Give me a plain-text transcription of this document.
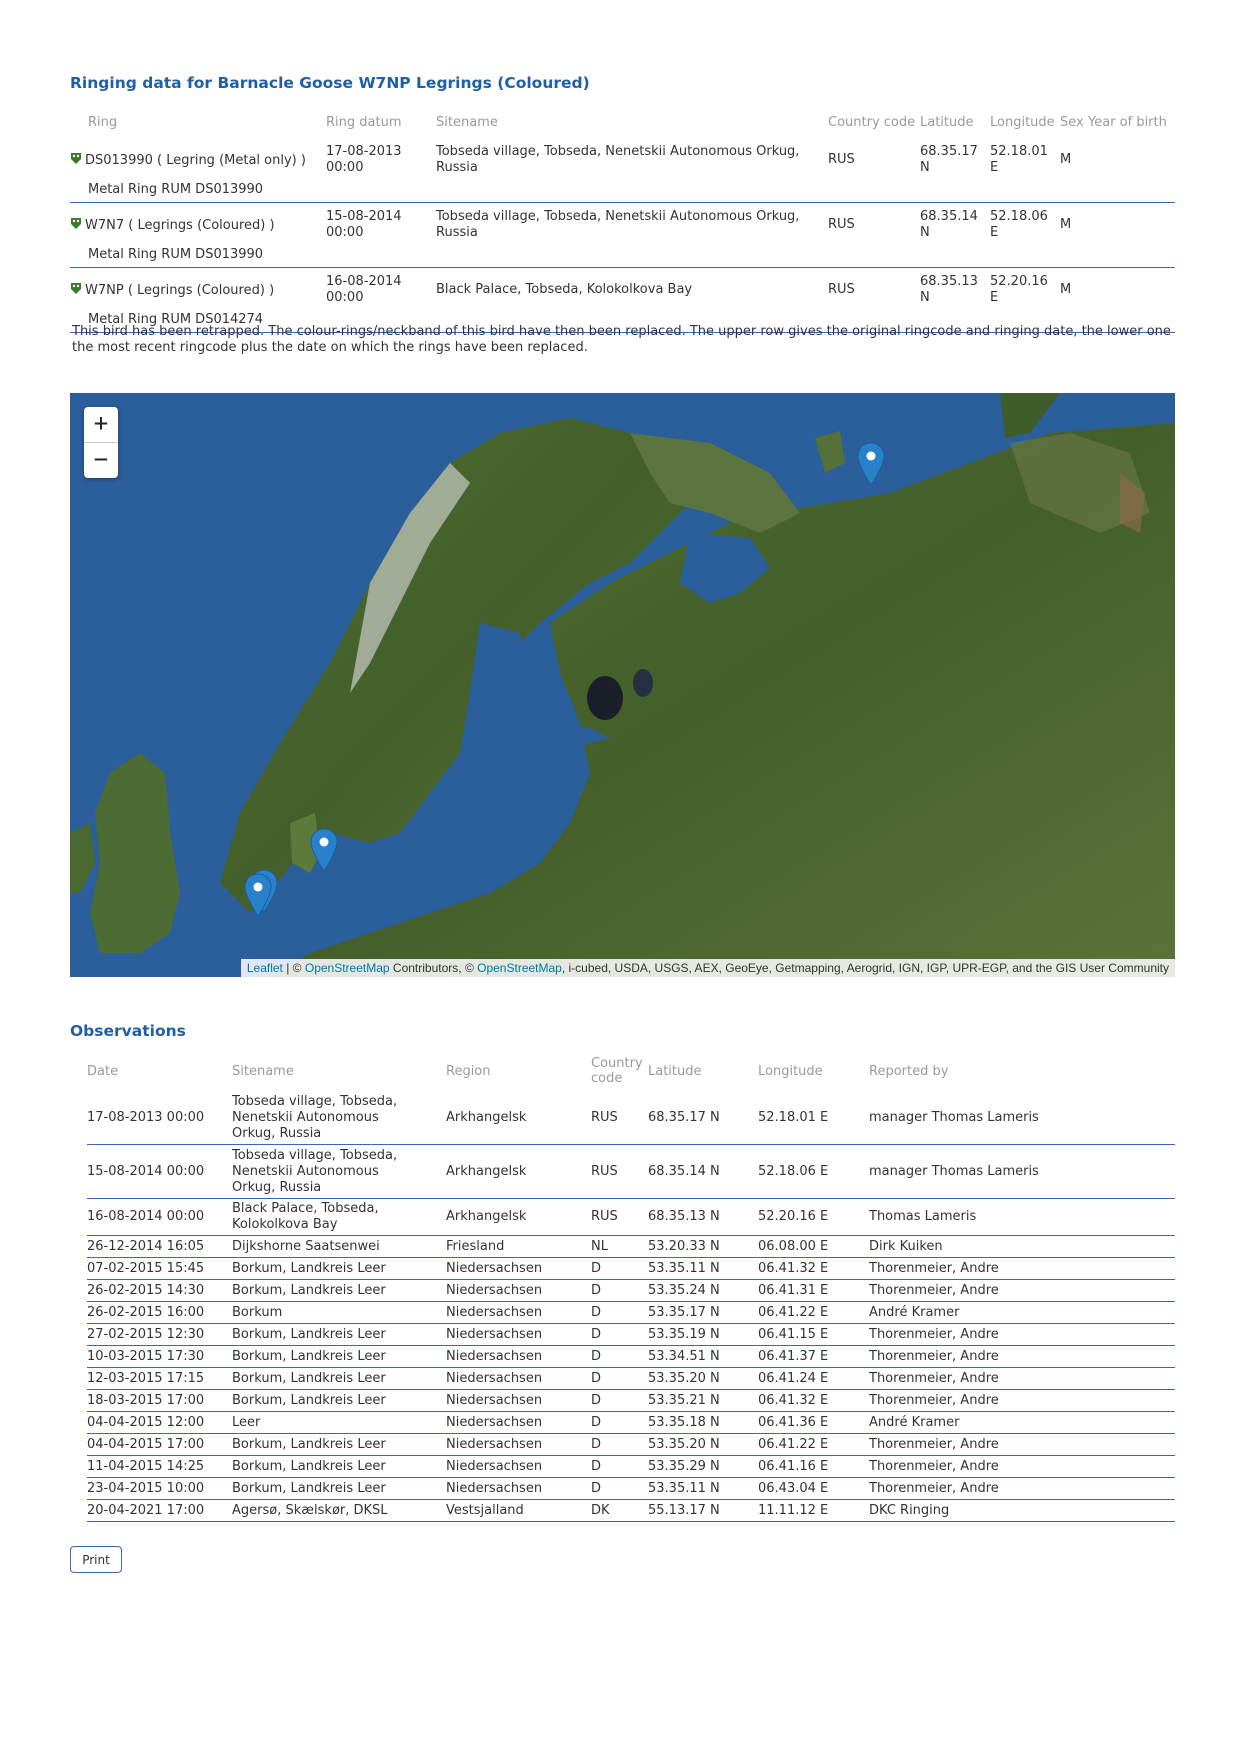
Ringing data for Barnacle Goose W7NP Legrings (Coloured)
Ring	Ring datum	Sitename	Country code	Latitude	Longitude	Sex	Year of birth
DS013990 ( Legring (Metal only) )	17-08-2013 00:00	Tobseda village, Tobseda, Nenetskii Autonomous Orkug, Russia	RUS	68.35.17 N	52.18.01 E	M	
Metal Ring RUM DS013990							
W7N7 ( Legrings (Coloured) )	15-08-2014 00:00	Tobseda village, Tobseda, Nenetskii Autonomous Orkug, Russia	RUS	68.35.14 N	52.18.06 E	M	
Metal Ring RUM DS013990							
W7NP ( Legrings (Coloured) )	16-08-2014 00:00	Black Palace, Tobseda, Kolokolkova Bay	RUS	68.35.13 N	52.20.16 E	M	
Metal Ring RUM DS014274							
This bird has been retrapped. The colour-rings/neckband of this bird have then been replaced. The upper row gives the original ringcode and ringing date, the lower one the most recent ringcode plus the date on which the rings have been replaced.
+
−
Leaflet | © OpenStreetMap Contributors, © OpenStreetMap, i-cubed, USDA, USGS, AEX, GeoEye, Getmapping, Aerogrid, IGN, IGP, UPR-EGP, and the GIS User Community
Observations
Date	Sitename	Region	Country code	Latitude	Longitude	Reported by
17-08-2013 00:00	Tobseda village, Tobseda, Nenetskii Autonomous Orkug, Russia	Arkhangelsk	RUS	68.35.17 N	52.18.01 E	manager Thomas Lameris
15-08-2014 00:00	Tobseda village, Tobseda, Nenetskii Autonomous Orkug, Russia	Arkhangelsk	RUS	68.35.14 N	52.18.06 E	manager Thomas Lameris
16-08-2014 00:00	Black Palace, Tobseda, Kolokolkova Bay	Arkhangelsk	RUS	68.35.13 N	52.20.16 E	Thomas Lameris
26-12-2014 16:05	Dijkshorne Saatsenwei	Friesland	NL	53.20.33 N	06.08.00 E	Dirk Kuiken
07-02-2015 15:45	Borkum, Landkreis Leer	Niedersachsen	D	53.35.11 N	06.41.32 E	Thorenmeier, Andre
26-02-2015 14:30	Borkum, Landkreis Leer	Niedersachsen	D	53.35.24 N	06.41.31 E	Thorenmeier, Andre
26-02-2015 16:00	Borkum	Niedersachsen	D	53.35.17 N	06.41.22 E	André Kramer
27-02-2015 12:30	Borkum, Landkreis Leer	Niedersachsen	D	53.35.19 N	06.41.15 E	Thorenmeier, Andre
10-03-2015 17:30	Borkum, Landkreis Leer	Niedersachsen	D	53.34.51 N	06.41.37 E	Thorenmeier, Andre
12-03-2015 17:15	Borkum, Landkreis Leer	Niedersachsen	D	53.35.20 N	06.41.24 E	Thorenmeier, Andre
18-03-2015 17:00	Borkum, Landkreis Leer	Niedersachsen	D	53.35.21 N	06.41.32 E	Thorenmeier, Andre
04-04-2015 12:00	Leer	Niedersachsen	D	53.35.18 N	06.41.36 E	André Kramer
04-04-2015 17:00	Borkum, Landkreis Leer	Niedersachsen	D	53.35.20 N	06.41.22 E	Thorenmeier, Andre
11-04-2015 14:25	Borkum, Landkreis Leer	Niedersachsen	D	53.35.29 N	06.41.16 E	Thorenmeier, Andre
23-04-2015 10:00	Borkum, Landkreis Leer	Niedersachsen	D	53.35.11 N	06.43.04 E	Thorenmeier, Andre
20-04-2021 17:00	Agersø, Skælskør, DKSL	Vestsjalland	DK	55.13.17 N	11.11.12 E	DKC Ringing
Print
